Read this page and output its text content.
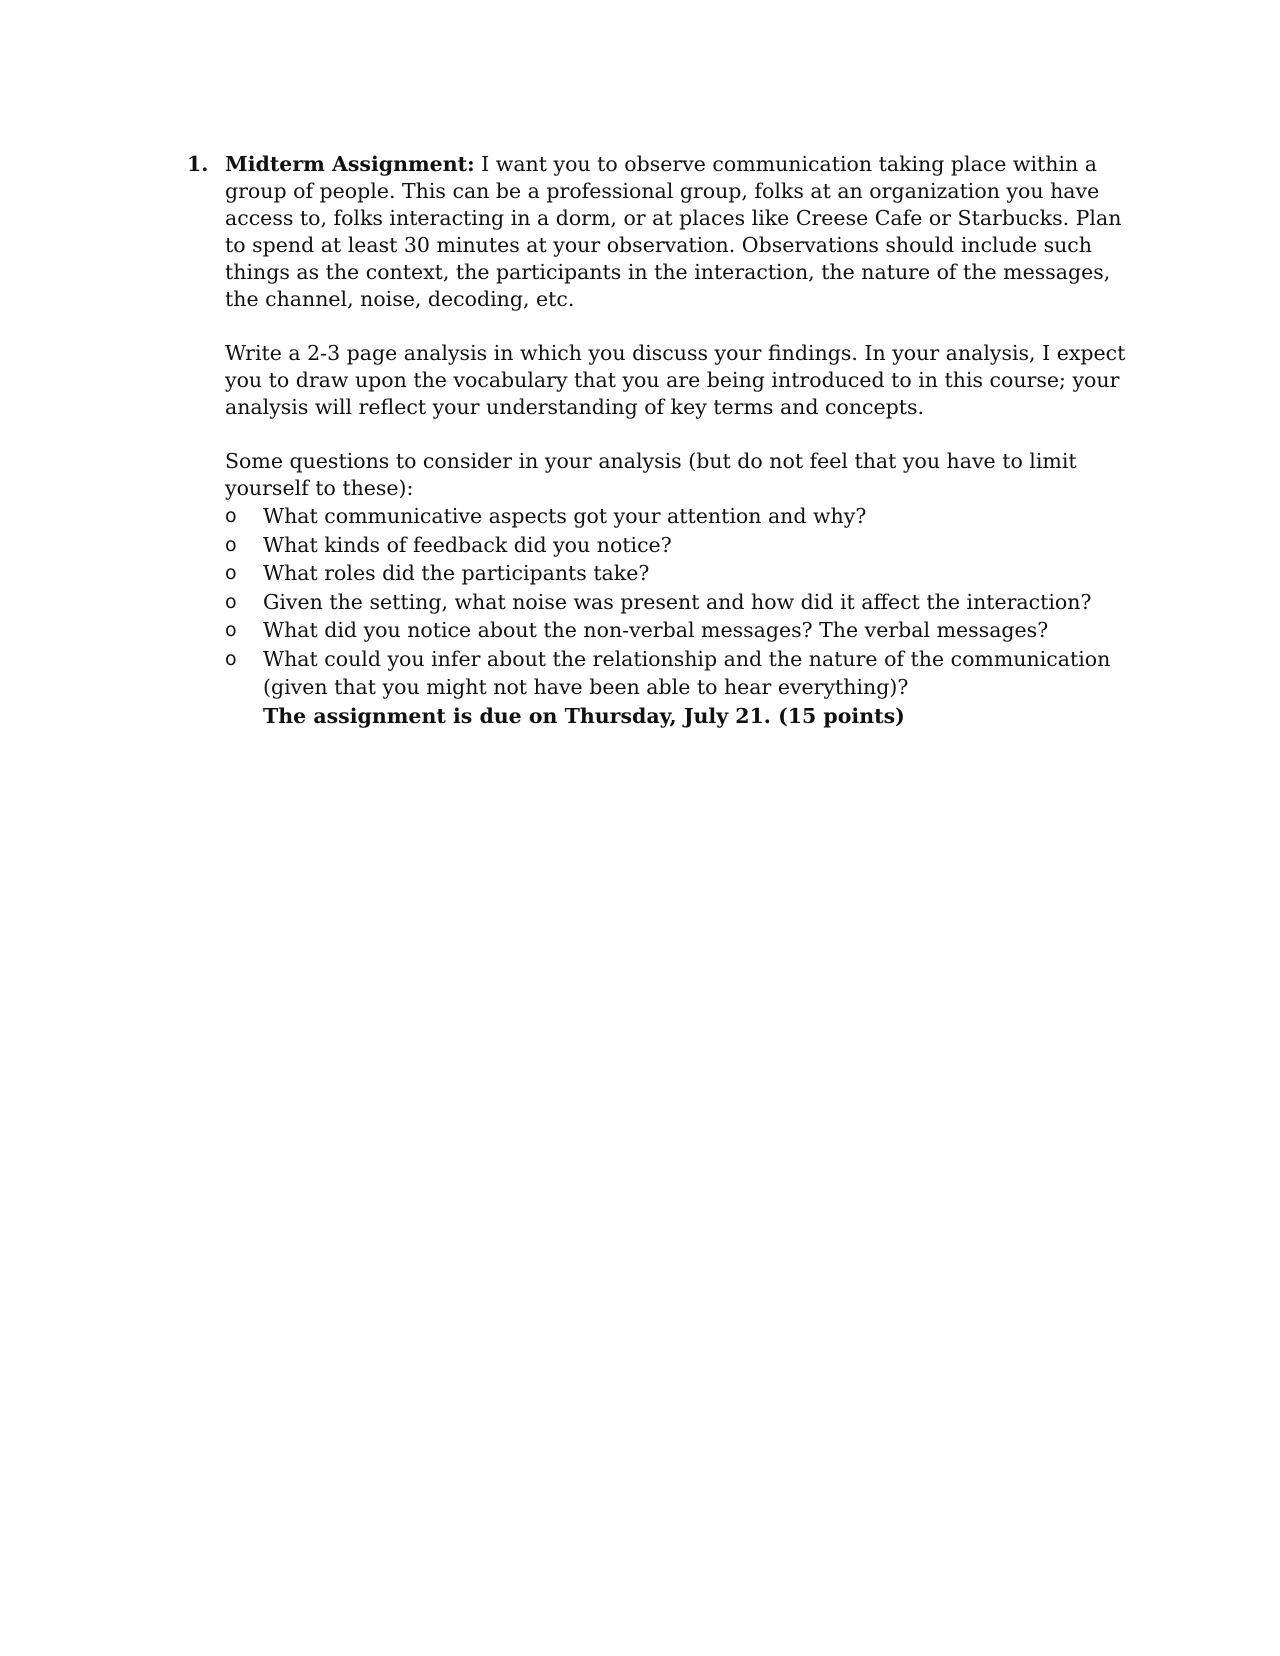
1. Midterm Assignment: I want you to observe communication taking place within a group of people. This can be a professional group, folks at an organization you have access to, folks interacting in a dorm, or at places like Creese Cafe or Starbucks. Plan to spend at least 30 minutes at your observation. Observations should include such things as the context, the participants in the interaction, the nature of the messages, the channel, noise, decoding, etc.

Write a 2-3 page analysis in which you discuss your findings. In your analysis, I expect you to draw upon the vocabulary that you are being introduced to in this course; your analysis will reflect your understanding of key terms and concepts.

Some questions to consider in your analysis (but do not feel that you have to limit yourself to these):

o What communicative aspects got your attention and why?
o What kinds of feedback did you notice?
o What roles did the participants take?
o Given the setting, what noise was present and how did it affect the interaction?
o What did you notice about the non-verbal messages? The verbal messages?
o What could you infer about the relationship and the nature of the communication (given that you might not have been able to hear everything)?
The assignment is due on Thursday, July 21. (15 points)
